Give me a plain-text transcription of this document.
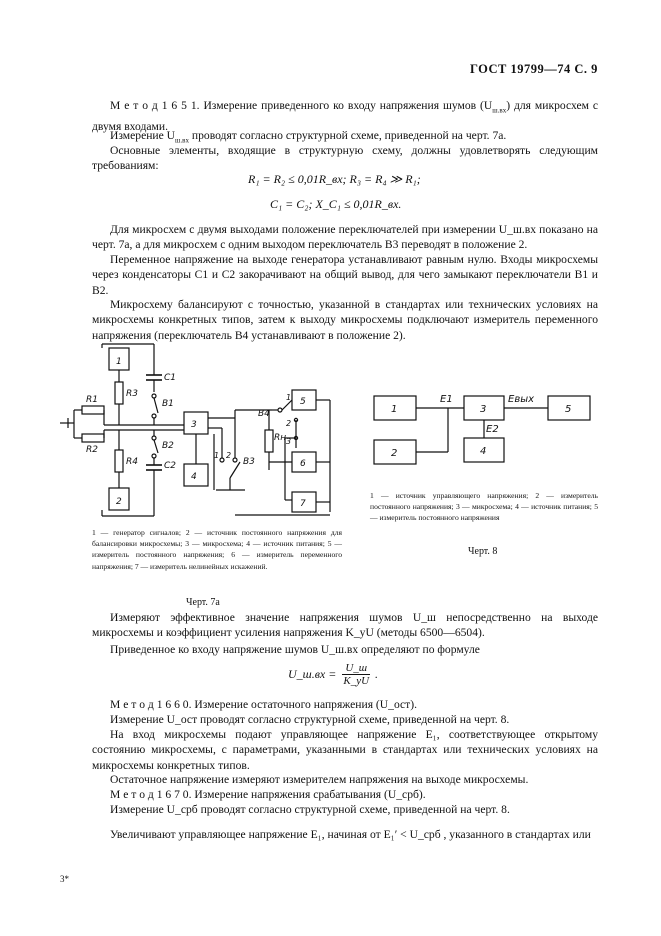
ГОСТ 19799—74 С. 9

М е т о д 1 6 5 1. Измерение приведенного ко входу напряжения шумов $(U_{ш.вх})$ для микросхем с двумя входами.

Измерение $U_{ш.вх}$ проводят согласно структурной схеме, приведенной на черт. 7а.

Основные элементы, входящие в структурную схему, должны удовлетворять следующим требованиям:

R₁ = R₂ ≤ 0,01R_вх; R₃ = R₄ ≫ R₁;
C₁ = C₂; X_C₁ ≤ 0,01R_вх.

Для микросхем с двумя выходами положение переключателей при измерении U_ш.вх показано на черт. 7а, а для микросхем с одним выходом переключатель B3 переводят в положение 2.

Переменное напряжение на выходе генератора устанавливают равным нулю. Входы микросхемы через конденсаторы C1 и C2 закорачивают на общий вывод, для чего замыкают переключатели B1 и B2.

Микросхему балансируют с точностью, указанной в стандартах или технических условиях на микросхемы конкретных типов, затем к выходу микросхемы подключают измеритель переменного напряжения (переключатель B4 устанавливают в положение 2).

1
2
3
4
5
6
7
R3
R1
R2
R4
C1
C2
B1
B2
B3
B4
Rн
1
2
3
1 2
1 — генератор сигналов; 2 — источник постоянного напряжения для балансировки микросхемы; 3 — микросхема; 4 — источник питания; 5 — измеритель постоянного напряжения; 6 — измеритель переменного напряжения; 7 — измеритель нелинейных искажений.
Черт. 7а
1
2
3
4
5
E1
E2
Eвых
1 — источник управляющего напряжения; 2 — измеритель постоянного напряжения; 3 — микросхема; 4 — источник питания; 5 — измеритель постоянного напряжения
Черт. 8

Измеряют эффективное значение напряжения шумов U_ш непосредственно на выходе микросхемы и коэффициент усиления напряжения K_yU (методы 6500—6504).

Приведенное ко входу напряжение шумов U_ш.вх определяют по формуле

U_ш.вх = U_ш
K_yU .

М е т о д 1 6 6 0. Измерение остаточного напряжения (U_ост).

Измерение U_ост проводят согласно структурной схеме, приведенной на черт. 8.

На вход микросхемы подают управляющее напряжение E₁, соответствующее открытому состоянию микросхемы, с параметрами, указанными в стандартах или технических условиях на микросхемы конкретных типов.

Остаточное напряжение измеряют измерителем напряжения на выходе микросхемы.

М е т о д 1 6 7 0. Измерение напряжения срабатывания (U_срб).

Измерение U_срб проводят согласно структурной схеме, приведенной на черт. 8.

Увеличивают управляющее напряжение E₁, начиная от E₁′ < U_срб , указанного в стандартах или

3*
